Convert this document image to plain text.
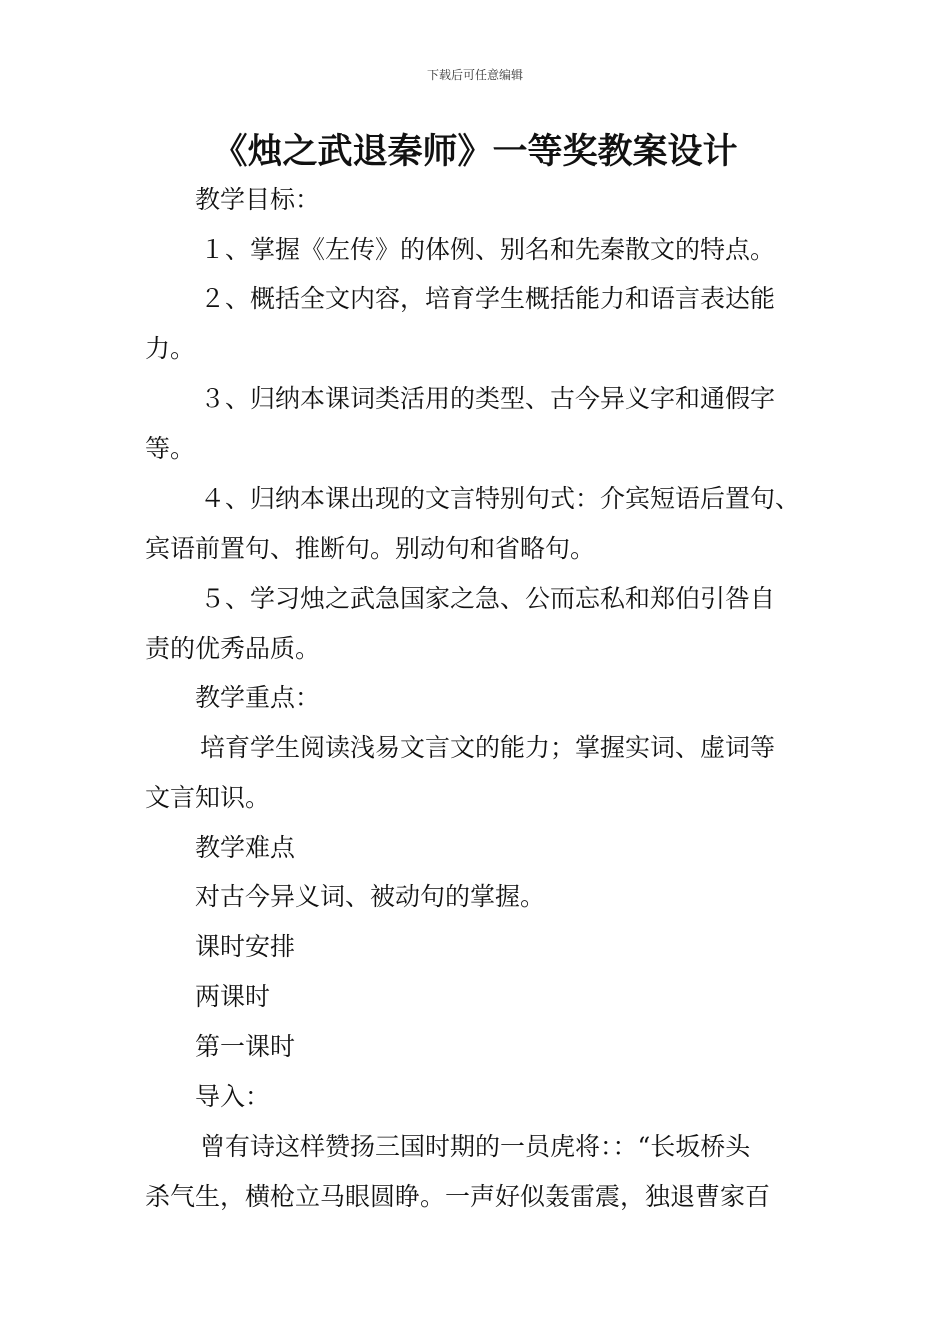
下载后可任意编辑
《烛之武退秦师》一等奖教案设计
教学目标：
１、掌握《左传》的体例、别名和先秦散文的特点。
２、概括全文内容，培育学生概括能力和语言表达能
力。
３、归纳本课词类活用的类型、古今异义字和通假字
等。
４、归纳本课出现的文言特别句式：介宾短语后置句、
宾语前置句、推断句。别动句和省略句。
５、学习烛之武急国家之急、公而忘私和郑伯引咎自
责的优秀品质。
教学重点：
培育学生阅读浅易文言文的能力；掌握实词、虚词等
文言知识。
教学难点
对古今异义词、被动句的掌握。
课时安排
两课时
第一课时
导入：
曾有诗这样赞扬三国时期的一员虎将：：“长坂桥头
杀气生，横枪立马眼圆睁。一声好似轰雷震，独退曹家百
